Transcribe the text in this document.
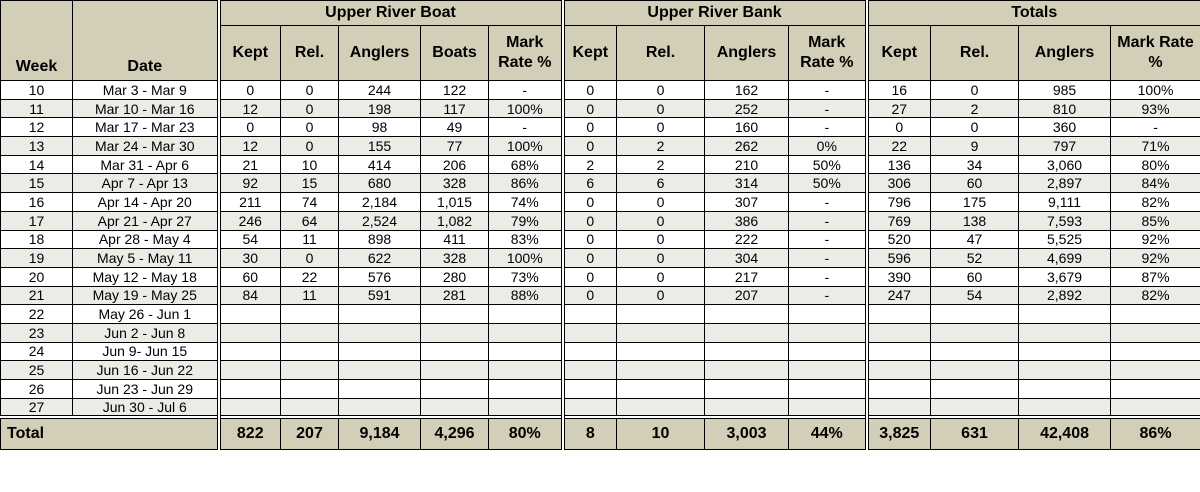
Week	Date	Upper River Boat					Upper River Bank				Totals			
		Kept	Rel.	Anglers	Boats	Mark Rate %	Kept	Rel.	Anglers	Mark Rate %	Kept	Rel.	Anglers	Mark Rate %
10	Mar 3 - Mar 9	0	0	244	122	-	0	0	162	-	16	0	985	100%
11	Mar 10 - Mar 16	12	0	198	117	100%	0	0	252	-	27	2	810	93%
12	Mar 17 - Mar 23	0	0	98	49	-	0	0	160	-	0	0	360	-
13	Mar 24 - Mar 30	12	0	155	77	100%	0	2	262	0%	22	9	797	71%
14	Mar 31 - Apr 6	21	10	414	206	68%	2	2	210	50%	136	34	3,060	80%
15	Apr 7 - Apr 13	92	15	680	328	86%	6	6	314	50%	306	60	2,897	84%
16	Apr 14 - Apr 20	211	74	2,184	1,015	74%	0	0	307	-	796	175	9,111	82%
17	Apr 21 - Apr 27	246	64	2,524	1,082	79%	0	0	386	-	769	138	7,593	85%
18	Apr 28 - May 4	54	11	898	411	83%	0	0	222	-	520	47	5,525	92%
19	May 5 - May 11	30	0	622	328	100%	0	0	304	-	596	52	4,699	92%
20	May 12 - May 18	60	22	576	280	73%	0	0	217	-	390	60	3,679	87%
21	May 19 - May 25	84	11	591	281	88%	0	0	207	-	247	54	2,892	82%
22	May 26 - Jun 1													
23	Jun 2 - Jun 8													
24	Jun 9- Jun 15													
25	Jun 16 - Jun 22													
26	Jun 23 - Jun 29													
27	Jun 30 - Jul 6													
Total		822	207	9,184	4,296	80%	8	10	3,003	44%	3,825	631	42,408	86%
